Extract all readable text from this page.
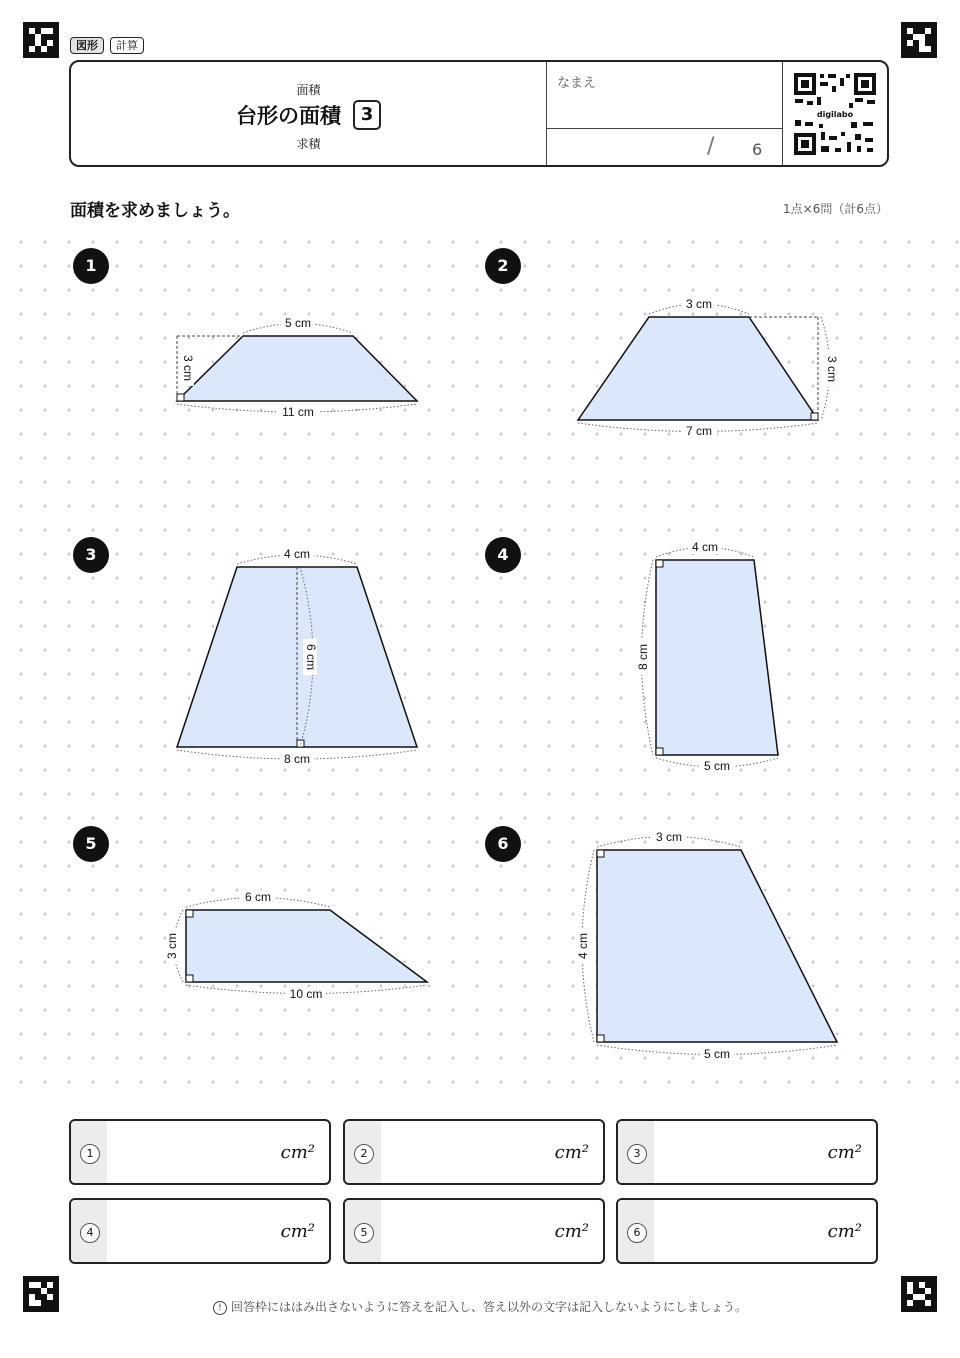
図形	計算
面積
台形の面積	3
求積
なまえ
/ 6
digilabo
面積を求めましょう。	1点×6問（計6点）
1	2
3	4
5	6
5 cm
3 cm
11 cm
3 cm
3 cm
7 cm
4 cm
6 cm
8 cm
4 cm
8 cm
5 cm
6 cm
3 cm
10 cm
3 cm
4 cm
5 cm
1	cm²	2	cm²	3	cm²
4	cm²	5	cm²	6	cm²
! 回答枠にははみ出さないように答えを記入し、答え以外の文字は記入しないようにしましょう。
